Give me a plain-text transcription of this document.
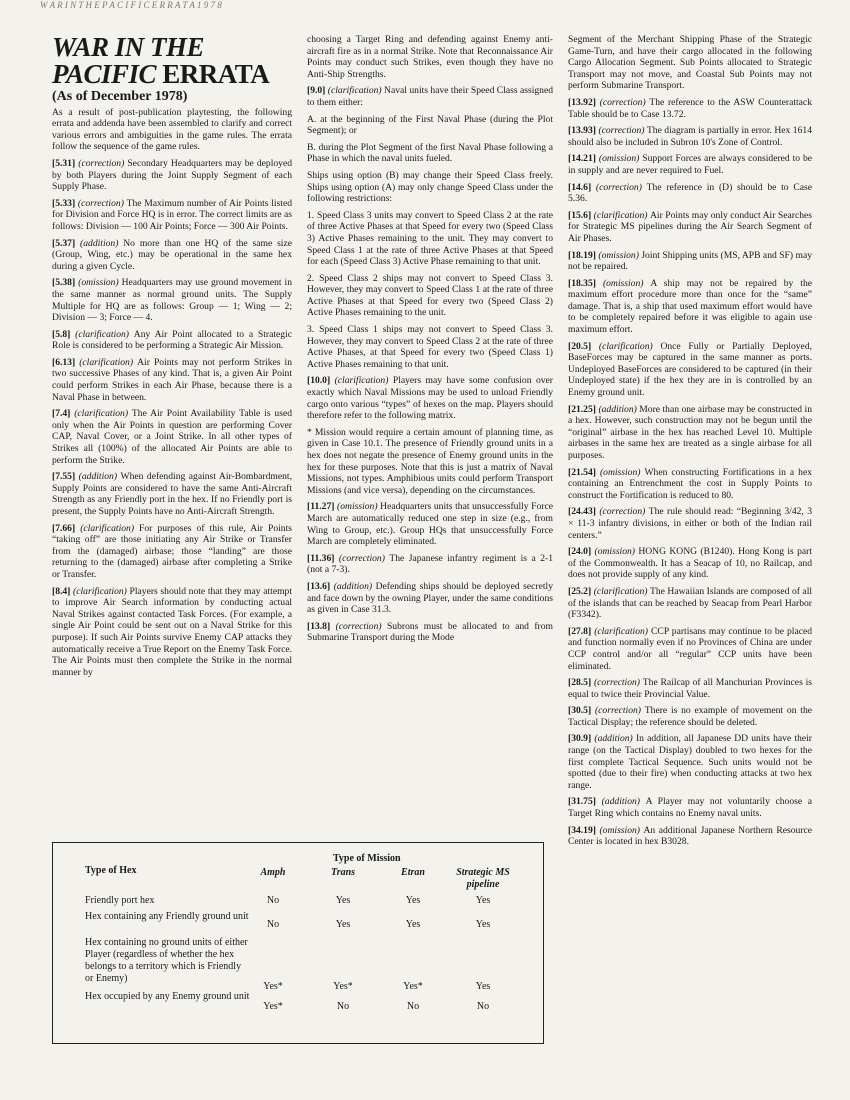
W A R I N T H E P A C I F I C E R R A T A 1 9 7 8
WAR IN THE
PACIFIC ERRATA
(As of December 1978)

As a result of post-publication playtesting, the following errata and addenda have been assembled to clarify and correct various errors and ambiguities in the game rules. The errata follow the sequence of the game rules.

[5.31] (correction) Secondary Headquarters may be deployed by both Players during the Joint Supply Segment of each Supply Phase.

[5.33] (correction) The Maximum number of Air Points listed for Division and Force HQ is in error. The correct limits are as follows: Division — 100 Air Points; Force — 300 Air Points.

[5.37] (addition) No more than one HQ of the same size (Group, Wing, etc.) may be operational in the same hex during a given Cycle.

[5.38] (omission) Headquarters may use ground movement in the same manner as normal ground units. The Supply Multiple for HQ are as follows: Group — 1; Wing — 2; Division — 3; Force — 4.

[5.8] (clarification) Any Air Point allocated to a Strategic Role is considered to be performing a Strategic Air Mission.

[6.13] (clarification) Air Points may not perform Strikes in two successive Phases of any kind. That is, a given Air Point could perform Strikes in each Air Phase, because there is a Naval Phase in between.

[7.4] (clarification) The Air Point Availability Table is used only when the Air Points in question are performing Cover CAP, Naval Cover, or a Joint Strike. In all other types of Strikes all (100%) of the allocated Air Points are able to perform the Strike.

[7.55] (addition) When defending against Air-Bombardment, Supply Points are considered to have the same Anti-Aircraft Strength as any Friendly port in the hex. If no Friendly port is present, the Supply Points have no Anti-Aircraft Strength.

[7.66] (clarification) For purposes of this rule, Air Points “taking off” are those initiating any Air Strike or Transfer from the (damaged) airbase; those “landing” are those returning to the (damaged) airbase after completing a Strike or Transfer.

[8.4] (clarification) Players should note that they may attempt to improve Air Search information by conducting actual Naval Strikes against contacted Task Forces. (For example, a single Air Point could be sent out on a Naval Strike for this purpose). If such Air Points survive Enemy CAP attacks they automatically receive a True Report on the Enemy Task Force. The Air Points must then complete the Strike in the normal manner by

choosing a Target Ring and defending against Enemy anti-aircraft fire as in a normal Strike. Note that Reconnaissance Air Points may conduct such Strikes, even though they have no Anti-Ship Strengths.

[9.0] (clarification) Naval units have their Speed Class assigned to them either:

A. at the beginning of the First Naval Phase (during the Plot Segment); or

B. during the Plot Segment of the first Naval Phase following a Phase in which the naval units fueled.

Ships using option (B) may change their Speed Class freely. Ships using option (A) may only change Speed Class under the following restrictions:

1. Speed Class 3 units may convert to Speed Class 2 at the rate of three Active Phases at that Speed for every two (Speed Class 3) Active Phases remaining to the unit. They may convert to Speed Class 1 at the rate of three Active Phases at that Speed for each (Speed Class 3) Active Phase remaining to that unit.

2. Speed Class 2 ships may not convert to Speed Class 3. However, they may convert to Speed Class 1 at the rate of three Active Phases at that Speed for every two (Speed Class 2) Active Phases remaining to the unit.

3. Speed Class 1 ships may not convert to Speed Class 3. However, they may convert to Speed Class 2 at the rate of three Active Phases, at that Speed for every two (Speed Class 1) Active Phases remaining to that unit.

[10.0] (clarification) Players may have some confusion over exactly which Naval Missions may be used to unload Friendly cargo onto various “types” of hexes on the map. Players should therefore refer to the following matrix.

* Mission would require a certain amount of planning time, as given in Case 10.1. The presence of Friendly ground units in a hex does not negate the presence of Enemy ground units in the hex for these purposes. Note that this is just a matrix of Naval Missions, not types. Amphibious units could perform Transport Missions (and vice versa), depending on the circumstances.

[11.27] (omission) Headquarters units that unsuccessfully Force March are automatically reduced one step in size (e.g., from Wing to Group, etc.). Group HQs that unsuccessfully Force March are completely eliminated.

[11.36] (correction) The Japanese infantry regiment is a 2-1 (not a 7-3).

[13.6] (addition) Defending ships should be deployed secretly and face down by the owning Player, under the same conditions as given in Case 31.3.

[13.8] (correction) Subrons must be allocated to and from Submarine Transport during the Mode

Segment of the Merchant Shipping Phase of the Strategic Game-Turn, and have their cargo allocated in the following Cargo Allocation Segment. Sub Points allocated to Strategic Transport may not move, and Coastal Sub Points may not perform Submarine Transport.

[13.92] (correction) The reference to the ASW Counterattack Table should be to Case 13.72.

[13.93] (correction) The diagram is partially in error. Hex 1614 should also be included in Subron 10's Zone of Control.

[14.21] (omission) Support Forces are always considered to be in supply and are never required to Fuel.

[14.6] (correction) The reference in (D) should be to Case 5.36.

[15.6] (clarification) Air Points may only conduct Air Searches for Strategic MS pipelines during the Air Search Segment of Air Phases.

[18.19] (omission) Joint Shipping units (MS, APB and SF) may not be repaired.

[18.35] (omission) A ship may not be repaired by the maximum effort procedure more than once for the “same” damage. That is, a ship that used maximum effort would have to be completely repaired before it was eligible to again use maximum effort.

[20.5] (clarification) Once Fully or Partially Deployed, BaseForces may be captured in the same manner as ports. Undeployed BaseForces are considered to be captured (in their Undeployed state) if the hex they are in is controlled by an Enemy ground unit.

[21.25] (addition) More than one airbase may be constructed in a hex. However, such construction may not be begun until the “original” airbase in the hex has reached Level 10. Multiple airbases in the same hex are treated as a single airbase for all purposes.

[21.54] (omission) When constructing Fortifications in a hex containing an Entrenchment the cost in Supply Points to construct the Fortification is reduced to 80.

[24.43] (correction) The rule should read: “Beginning 3/42, 3 × 11-3 infantry divisions, in either or both of the Indian rail centers.”

[24.0] (omission) HONG KONG (B1240). Hong Kong is part of the Commonwealth. It has a Seacap of 10, no Railcap, and does not provide supply of any kind.

[25.2] (clarification) The Hawaiian Islands are composed of all of the islands that can be reached by Seacap from Pearl Harbor (F3342).

[27.8] (clarification) CCP partisans may continue to be placed and function normally even if no Provinces of China are under CCP control and/or all “regular” CCP units have been eliminated.

[28.5] (correction) The Railcap of all Manchurian Provinces is equal to twice their Provincial Value.

[30.5] (correction) There is no example of movement on the Tactical Display; the reference should be deleted.

[30.9] (addition) In addition, all Japanese DD units have their range (on the Tactical Display) doubled to two hexes for the first complete Tactical Sequence. Such units would not be spotted (due to their fire) when conducting attacks at two hex range.

[31.75] (addition) A Player may not voluntarily choose a Target Ring which contains no Enemy naval units.

[34.19] (omission) An additional Japanese Northern Resource Center is located in hex B3028.

Type of Mission
Type of Hex	Amph	Trans	Etran	Strategic MS pipeline
Friendly port hex	No	Yes	Yes	Yes
Hex containing any Friendly ground unit
No	Yes	Yes	Yes
Hex containing no ground units of either Player (regardless of whether the hex belongs to a territory which is Friendly or Enemy)
Yes*	Yes*	Yes*	Yes
Hex occupied by any Enemy ground unit
Yes*	No	No	No
